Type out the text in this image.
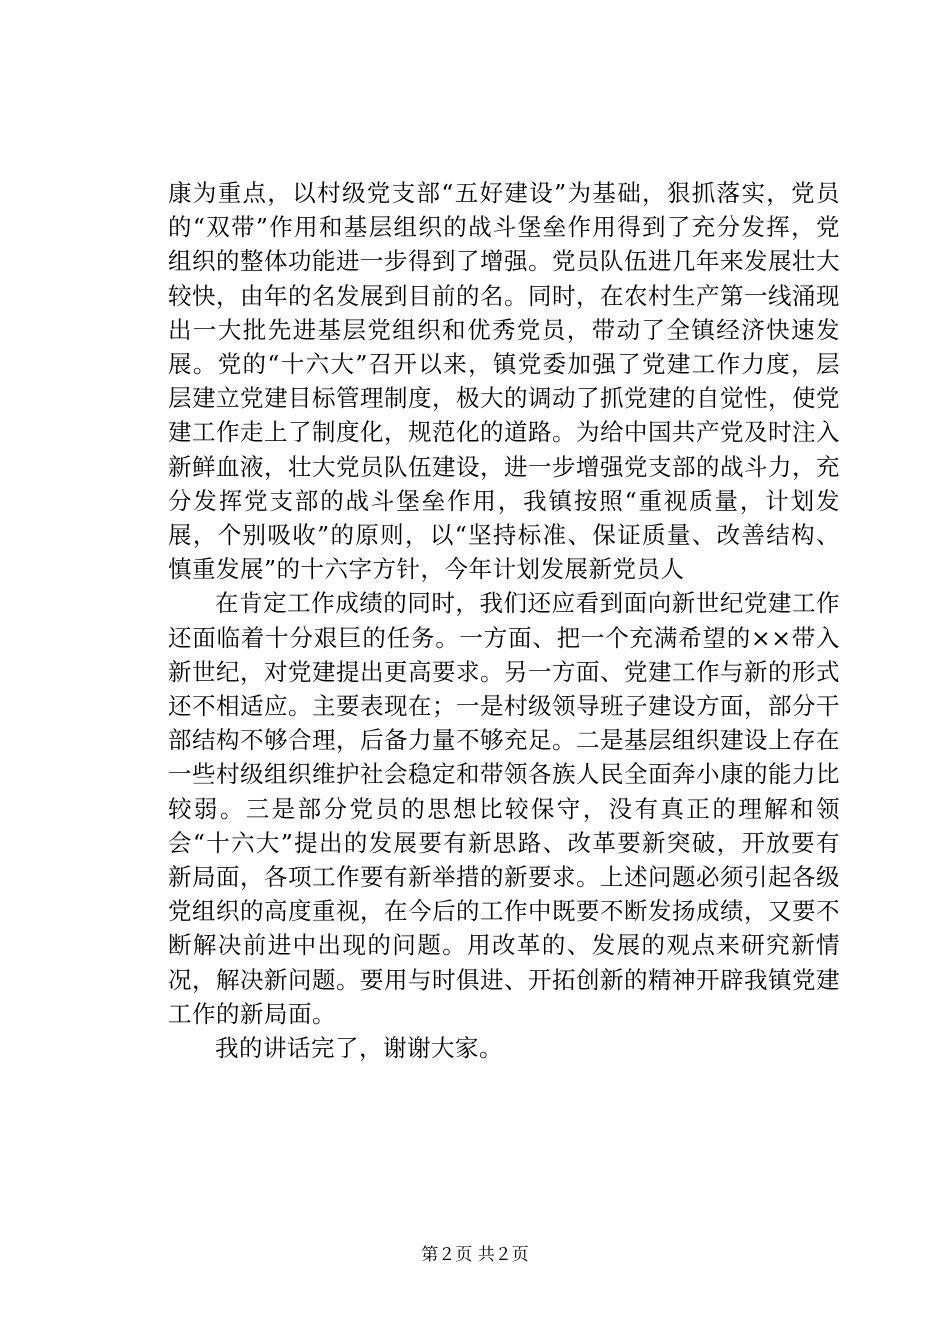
康为重点，以村级党支部“五好建设”为基础，狠抓落实，党员的“双带”作用和基层组织的战斗堡垒作用得到了充分发挥，党组织的整体功能进一步得到了增强。党员队伍进几年来发展壮大较快，由年的名发展到目前的名。同时，在农村生产第一线涌现出一大批先进基层党组织和优秀党员，带动了全镇经济快速发展。党的“十六大”召开以来，镇党委加强了党建工作力度，层层建立党建目标管理制度，极大的调动了抓党建的自觉性，使党建工作走上了制度化，规范化的道路。为给中国共产党及时注入新鲜血液，壮大党员队伍建设，进一步增强党支部的战斗力，充分发挥党支部的战斗堡垒作用，我镇按照“重视质量，计划发展，个别吸收”的原则，以“坚持标准、保证质量、改善结构、慎重发展”的十六字方针，今年计划发展新党员人

在肯定工作成绩的同时，我们还应看到面向新世纪党建工作还面临着十分艰巨的任务。一方面、把一个充满希望的××带入新世纪，对党建提出更高要求。另一方面、党建工作与新的形式还不相适应。主要表现在；一是村级领导班子建设方面，部分干部结构不够合理，后备力量不够充足。二是基层组织建设上存在一些村级组织维护社会稳定和带领各族人民全面奔小康的能力比较弱。三是部分党员的思想比较保守，没有真正的理解和领会“十六大”提出的发展要有新思路、改革要新突破，开放要有新局面，各项工作要有新举措的新要求。上述问题必须引起各级党组织的高度重视，在今后的工作中既要不断发扬成绩，又要不断解决前进中出现的问题。用改革的、发展的观点来研究新情况，解决新问题。要用与时俱进、开拓创新的精神开辟我镇党建工作的新局面。

我的讲话完了，谢谢大家。

第２页 共２页
